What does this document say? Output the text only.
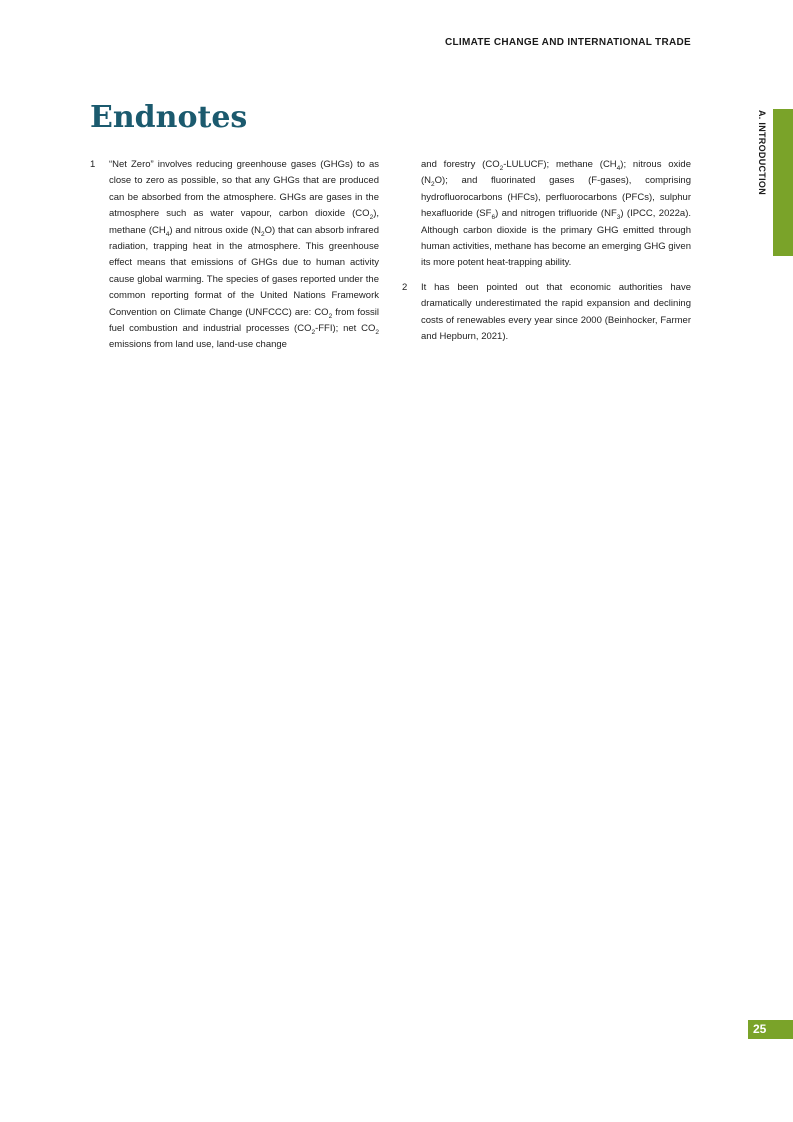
CLIMATE CHANGE AND INTERNATIONAL TRADE
A. INTRODUCTION
Endnotes
1	“Net Zero” involves reducing greenhouse gases (GHGs) to as close to zero as possible, so that any GHGs that are produced can be absorbed from the atmosphere. GHGs are gases in the atmosphere such as water vapour, carbon dioxide $(CO_2)$, methane $(CH_4)$ and nitrous oxide $(N_2O)$ that can absorb infrared radiation, trapping heat in the atmosphere. This greenhouse effect means that emissions of GHGs due to human activity cause global warming. The species of gases reported under the common reporting format of the United Nations Framework Convention on Climate Change (UNFCCC) are: $CO_2$ from fossil fuel combustion and industrial processes $(CO_2-FFI)$; net $CO_2$ emissions from land use, land-use change
and forestry $(CO_2-LULUCF)$; methane $(CH_4)$; nitrous oxide $(N_2O)$; and fluorinated gases (F-gases), comprising hydrofluorocarbons (HFCs), perfluorocarbons (PFCs), sulphur hexafluoride $(SF_6)$ and nitrogen trifluoride $(NF_3)$ (IPCC, 2022a). Although carbon dioxide is the primary GHG emitted through human activities, methane has become an emerging GHG given its more potent heat-trapping ability.
2	It has been pointed out that economic authorities have dramatically underestimated the rapid expansion and declining costs of renewables every year since 2000 (Beinhocker, Farmer and Hepburn, 2021).
25
